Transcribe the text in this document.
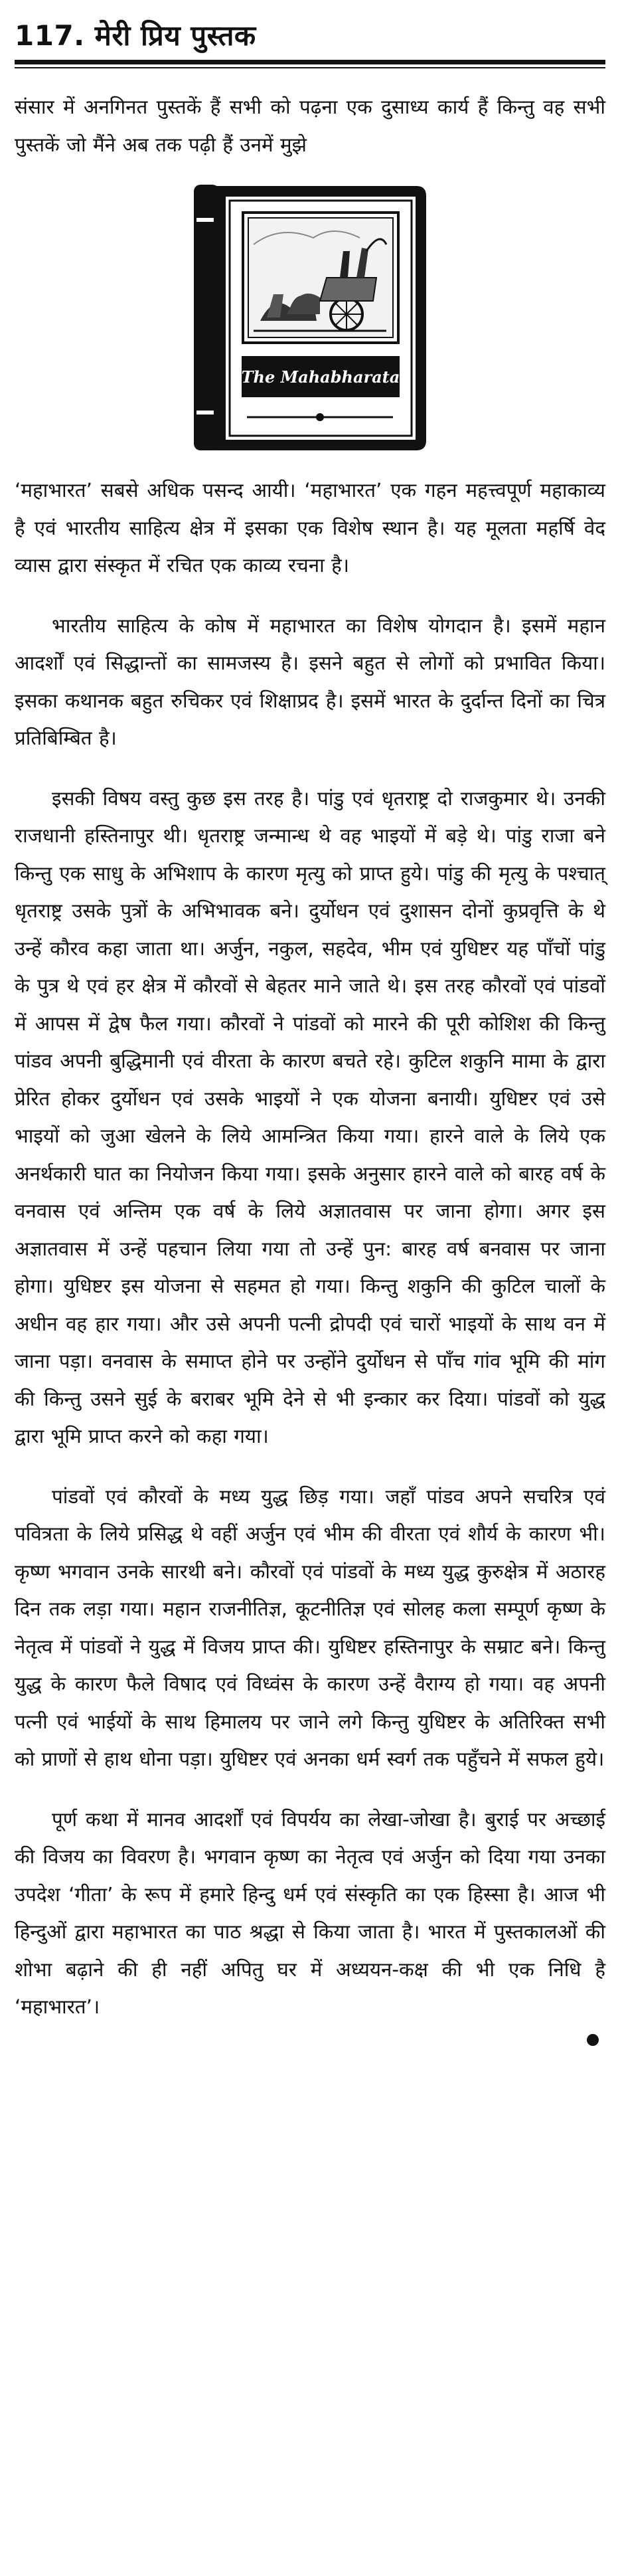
117. मेरी प्रिय पुस्तक

संसार में अनगिनत पुस्तकें हैं सभी को पढ़ना एक दुसाध्य कार्य हैं किन्तु वह सभी पुस्तकें जो मैंने अब तक पढ़ी हैं उनमें मुझे

The Mahabharata

‘महाभारत’ सबसे अधिक पसन्द आयी। ‘महाभारत’ एक गहन महत्त्वपूर्ण महाकाव्य है एवं भारतीय साहित्य क्षेत्र में इसका एक विशेष स्थान है। यह मूलता महर्षि वेद व्यास द्वारा संस्कृत में रचित एक काव्य रचना है।

भारतीय साहित्य के कोष में महाभारत का विशेष योगदान है। इसमें महान आदर्शों एवं सिद्धान्तों का सामजस्य है। इसने बहुत से लोगों को प्रभावित किया। इसका कथानक बहुत रुचिकर एवं शिक्षाप्रद है। इसमें भारत के दुर्दान्त दिनों का चित्र प्रतिबिम्बित है।

इसकी विषय वस्तु कुछ इस तरह है। पांडु एवं धृतराष्ट्र दो राजकुमार थे। उनकी राजधानी हस्तिनापुर थी। धृतराष्ट्र जन्मान्ध थे वह भाइयों में बड़े थे। पांडु राजा बने किन्तु एक साधु के अभिशाप के कारण मृत्यु को प्राप्त हुये। पांडु की मृत्यु के पश्चात् धृतराष्ट्र उसके पुत्रों के अभिभावक बने। दुर्योधन एवं दुशासन दोनों कुप्रवृत्ति के थे उन्हें कौरव कहा जाता था। अर्जुन, नकुल, सहदेव, भीम एवं युधिष्टर यह पाँचों पांडु के पुत्र थे एवं हर क्षेत्र में कौरवों से बेहतर माने जाते थे। इस तरह कौरवों एवं पांडवों में आपस में द्वेष फैल गया। कौरवों ने पांडवों को मारने की पूरी कोशिश की किन्तु पांडव अपनी बुद्धिमानी एवं वीरता के कारण बचते रहे। कुटिल शकुनि मामा के द्वारा प्रेरित होकर दुर्योधन एवं उसके भाइयों ने एक योजना बनायी। युधिष्टर एवं उसे भाइयों को जुआ खेलने के लिये आमन्त्रित किया गया। हारने वाले के लिये एक अनर्थकारी घात का नियोजन किया गया। इसके अनुसार हारने वाले को बारह वर्ष के वनवास एवं अन्तिम एक वर्ष के लिये अज्ञातवास पर जाना होगा। अगर इस अज्ञातवास में उन्हें पहचान लिया गया तो उन्हें पुन: बारह वर्ष बनवास पर जाना होगा। युधिष्टर इस योजना से सहमत हो गया। किन्तु शकुनि की कुटिल चालों के अधीन वह हार गया। और उसे अपनी पत्नी द्रोपदी एवं चारों भाइयों के साथ वन में जाना पड़ा। वनवास के समाप्त होने पर उन्होंने दुर्योधन से पाँच गांव भूमि की मांग की किन्तु उसने सुई के बराबर भूमि देने से भी इन्कार कर दिया। पांडवों को युद्ध द्वारा भूमि प्राप्त करने को कहा गया।

पांडवों एवं कौरवों के मध्य युद्ध छिड़ गया। जहाँ पांडव अपने सचरित्र एवं पवित्रता के लिये प्रसिद्ध थे वहीं अर्जुन एवं भीम की वीरता एवं शौर्य के कारण भी। कृष्ण भगवान उनके सारथी बने। कौरवों एवं पांडवों के मध्य युद्ध कुरुक्षेत्र में अठारह दिन तक लड़ा गया। महान राजनीतिज्ञ, कूटनीतिज्ञ एवं सोलह कला सम्पूर्ण कृष्ण के नेतृत्व में पांडवों ने युद्ध में विजय प्राप्त की। युधिष्टर हस्तिनापुर के सम्राट बने। किन्तु युद्ध के कारण फैले विषाद एवं विध्वंस के कारण उन्हें वैराग्य हो गया। वह अपनी पत्नी एवं भाईयों के साथ हिमालय पर जाने लगे किन्तु युधिष्टर के अतिरिक्त सभी को प्राणों से हाथ धोना पड़ा। युधिष्टर एवं अनका धर्म स्वर्ग तक पहुँचने में सफल हुये।

पूर्ण कथा में मानव आदर्शों एवं विपर्यय का लेखा-जोखा है। बुराई पर अच्छाई की विजय का विवरण है। भगवान कृष्ण का नेतृत्व एवं अर्जुन को दिया गया उनका उपदेश ‘गीता’ के रूप में हमारे हिन्दु धर्म एवं संस्कृति का एक हिस्सा है। आज भी हिन्दुओं द्वारा महाभारत का पाठ श्रद्धा से किया जाता है। भारत में पुस्तकालओं की शोभा बढ़ाने की ही नहीं अपितु घर में अध्ययन-कक्ष की भी एक निधि है ‘महाभारत’।
